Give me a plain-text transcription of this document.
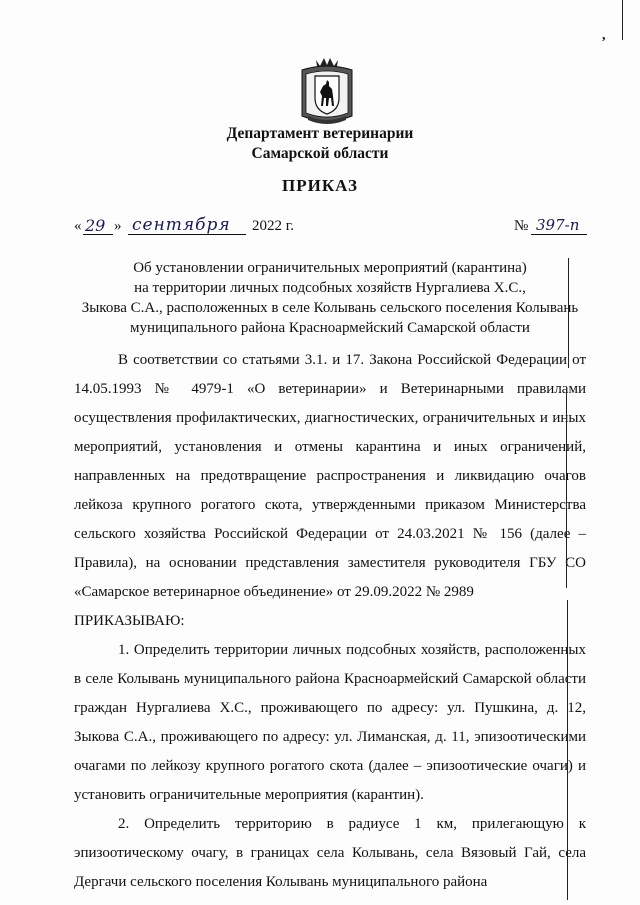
Департамент ветеринарии
Самарской области
ПРИКАЗ
« 29 » сентября 2022 г.	№ 397-п
Об установлении ограничительных мероприятий (карантина)
на территории личных подсобных хозяйств Нургалиева Х.С.,
Зыкова С.А., расположенных в селе Колывань сельского поселения Колывань
муниципального района Красноармейский Самарской области

В соответствии со статьями 3.1. и 17. Закона Российской Федерации от 14.05.1993 № 4979-1 «О ветеринарии» и Ветеринарными правилами осуществления профилактических, диагностических, ограничительных и иных мероприятий, установления и отмены карантина и иных ограничений, направленных на предотвращение распространения и ликвидацию очагов лейкоза крупного рогатого скота, утвержденными приказом Министерства сельского хозяйства Российской Федерации от 24.03.2021 № 156 (далее – Правила), на основании представления заместителя руководителя ГБУ СО «Самарское ветеринарное объединение» от 29.09.2022 № 2989

ПРИКАЗЫВАЮ:

1. Определить территории личных подсобных хозяйств, расположенных в селе Колывань муниципального района Красноармейский Самарской области граждан Нургалиева Х.С., проживающего по адресу: ул. Пушкина, д. 12, Зыкова С.А., проживающего по адресу: ул. Лиманская, д. 11, эпизоотическими очагами по лейкозу крупного рогатого скота (далее – эпизоотические очаги) и установить ограничительные мероприятия (карантин).

2. Определить территорию в радиусе 1 км, прилегающую к эпизоотическому очагу, в границах села Колывань, села Вязовый Гай, села Дергачи сельского поселения Колывань муниципального района

,
